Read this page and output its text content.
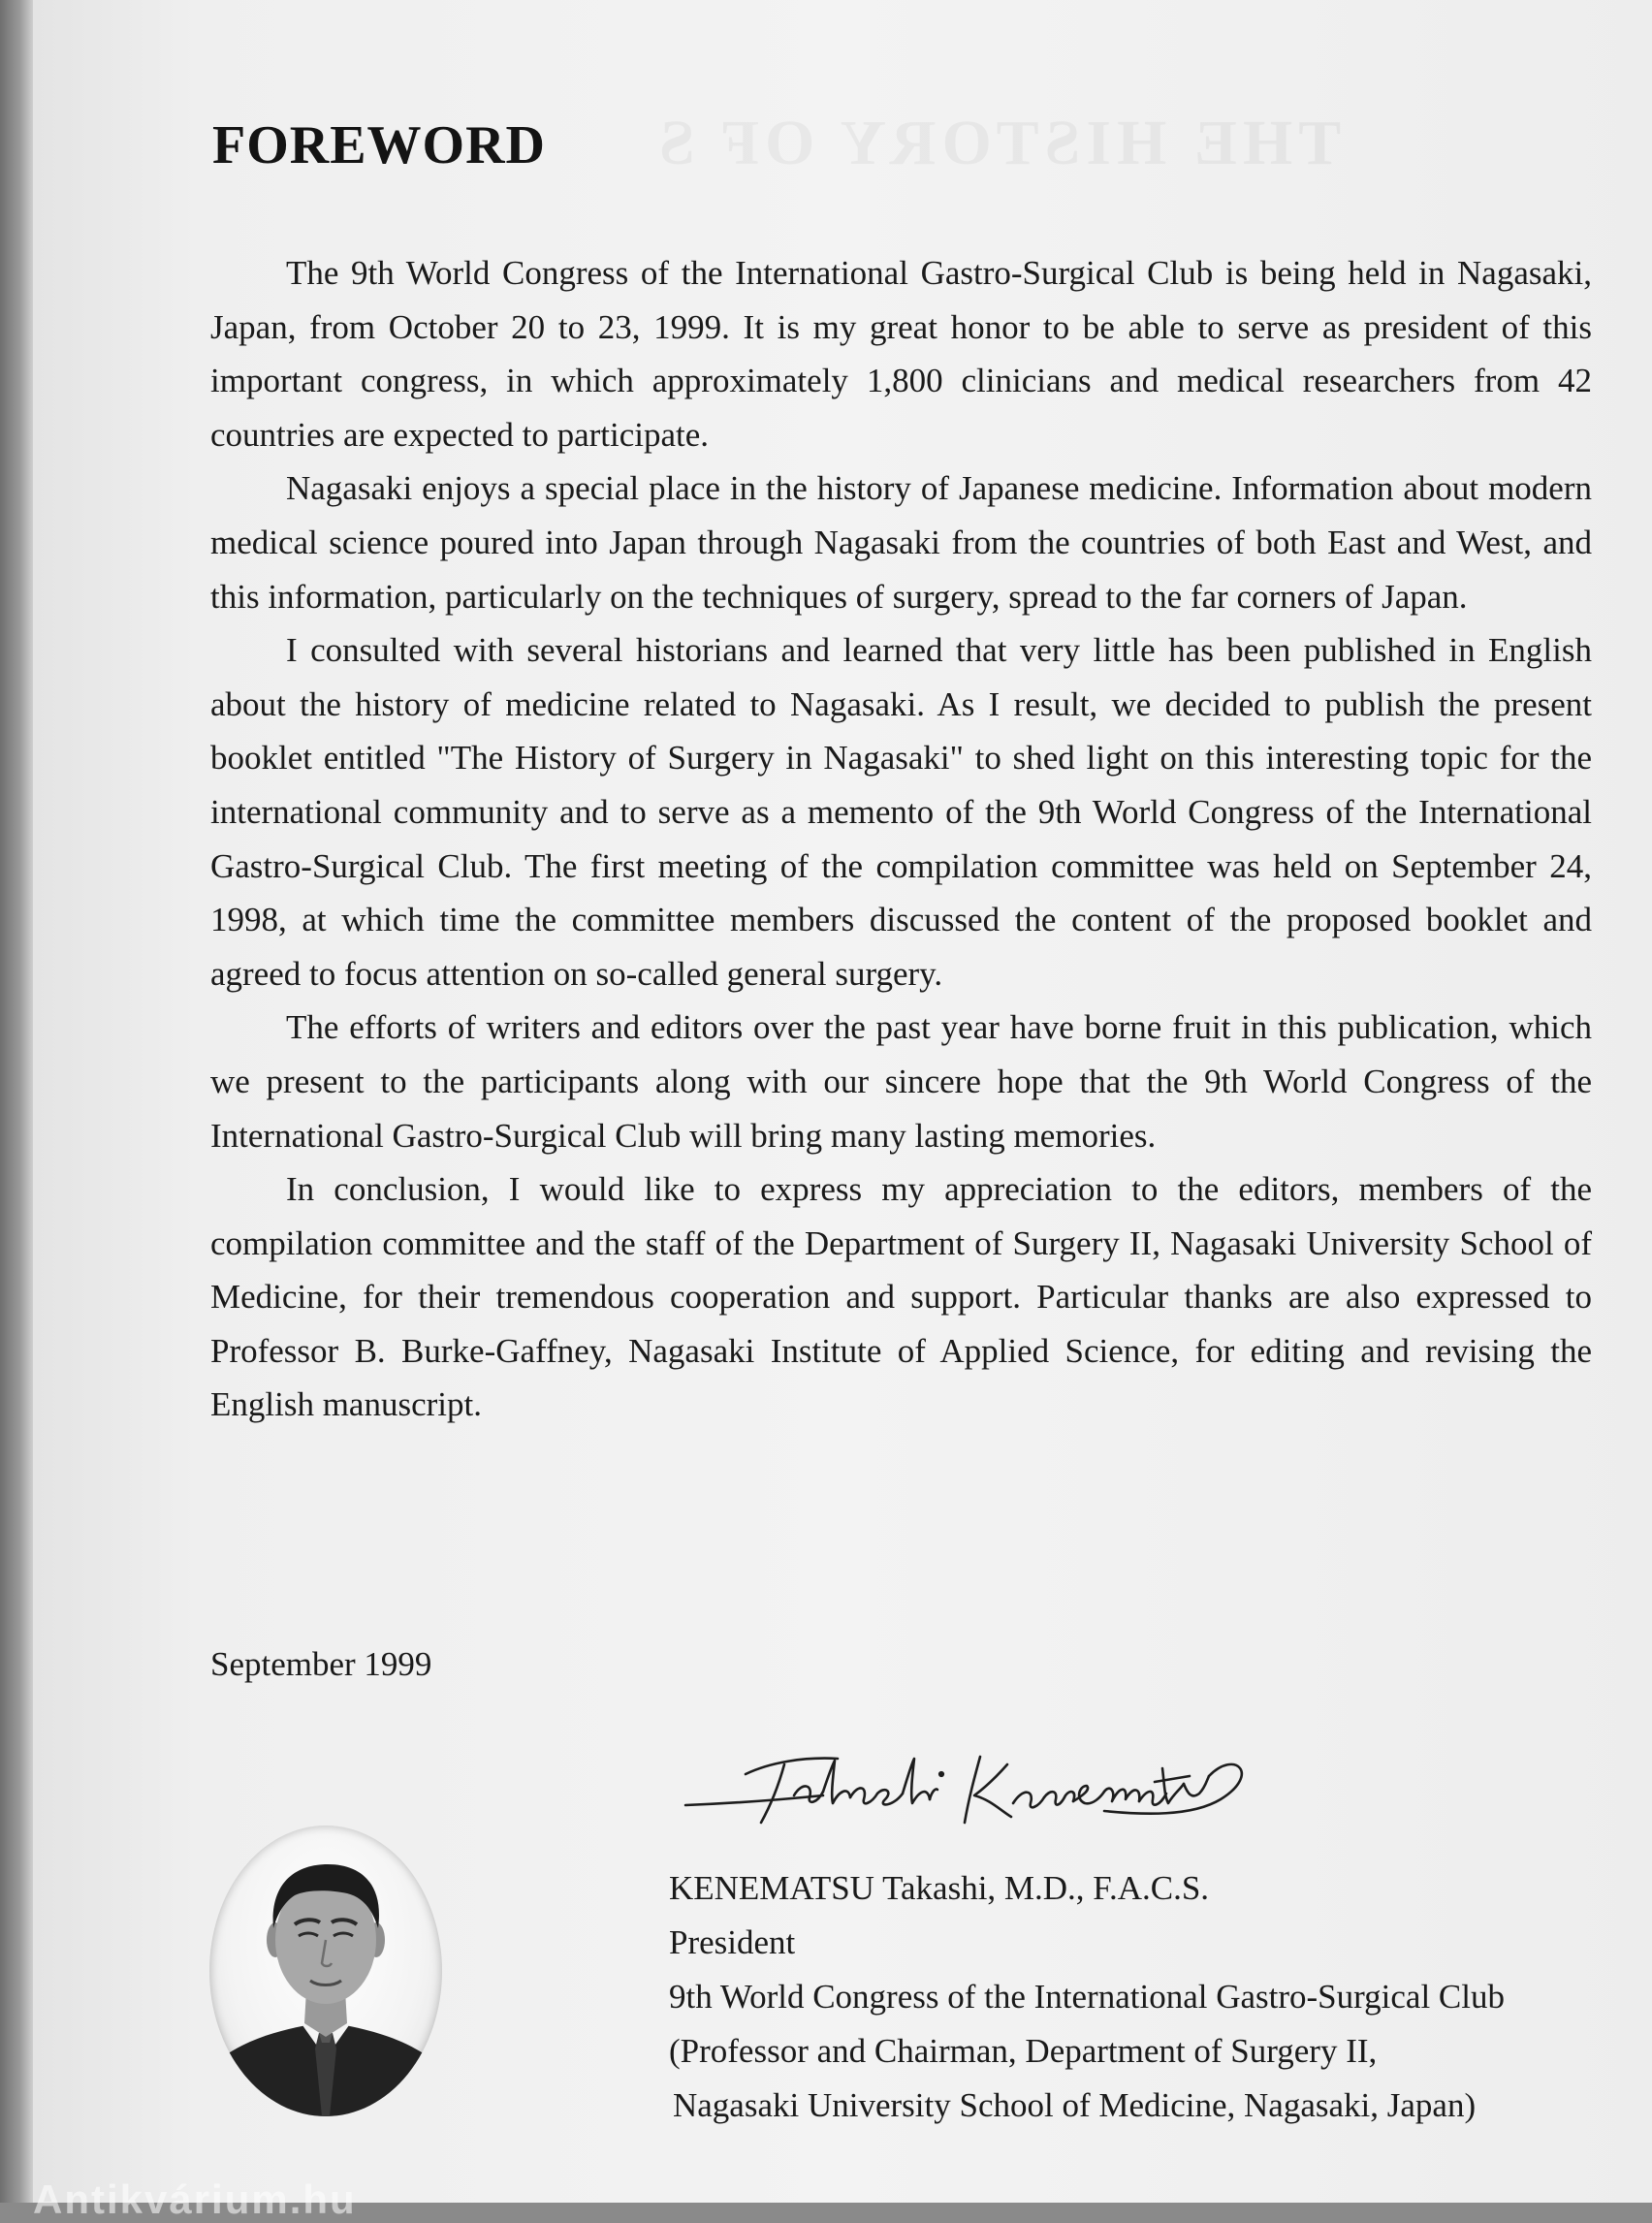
FOREWORD

The 9th World Congress of the International Gastro-Surgical Club is being held in Nagasaki, Japan, from October 20 to 23, 1999. It is my great honor to be able to serve as president of this important congress, in which approximately 1,800 clinicians and medical researchers from 42 countries are expected to participate.

Nagasaki enjoys a special place in the history of Japanese medicine. Information about modern medical science poured into Japan through Nagasaki from the countries of both East and West, and this information, particularly on the techniques of surgery, spread to the far corners of Japan.

I consulted with several historians and learned that very little has been published in English about the history of medicine related to Nagasaki. As I result, we decided to publish the present booklet entitled "The History of Surgery in Nagasaki" to shed light on this interesting topic for the international community and to serve as a memento of the 9th World Congress of the International Gastro-Surgical Club. The first meeting of the compilation committee was held on September 24, 1998, at which time the committee members discussed the content of the proposed booklet and agreed to focus attention on so-called general surgery.

The efforts of writers and editors over the past year have borne fruit in this publication, which we present to the participants along with our sincere hope that the 9th World Congress of the International Gastro-Surgical Club will bring many lasting memories.

In conclusion, I would like to express my appreciation to the editors, members of the compilation committee and the staff of the Department of Surgery II, Nagasaki University School of Medicine, for their tremendous cooperation and support. Particular thanks are also expressed to Professor B. Burke-Gaffney, Nagasaki Institute of Applied Science, for editing and revising the English manuscript.

September 1999
KENEMATSU Takashi, M.D., F.A.C.S.
President
9th World Congress of the International Gastro-Surgical Club
(Professor and Chairman, Department of Surgery II,
Nagasaki University School of Medicine, Nagasaki, Japan)
Antikvárium.hu
